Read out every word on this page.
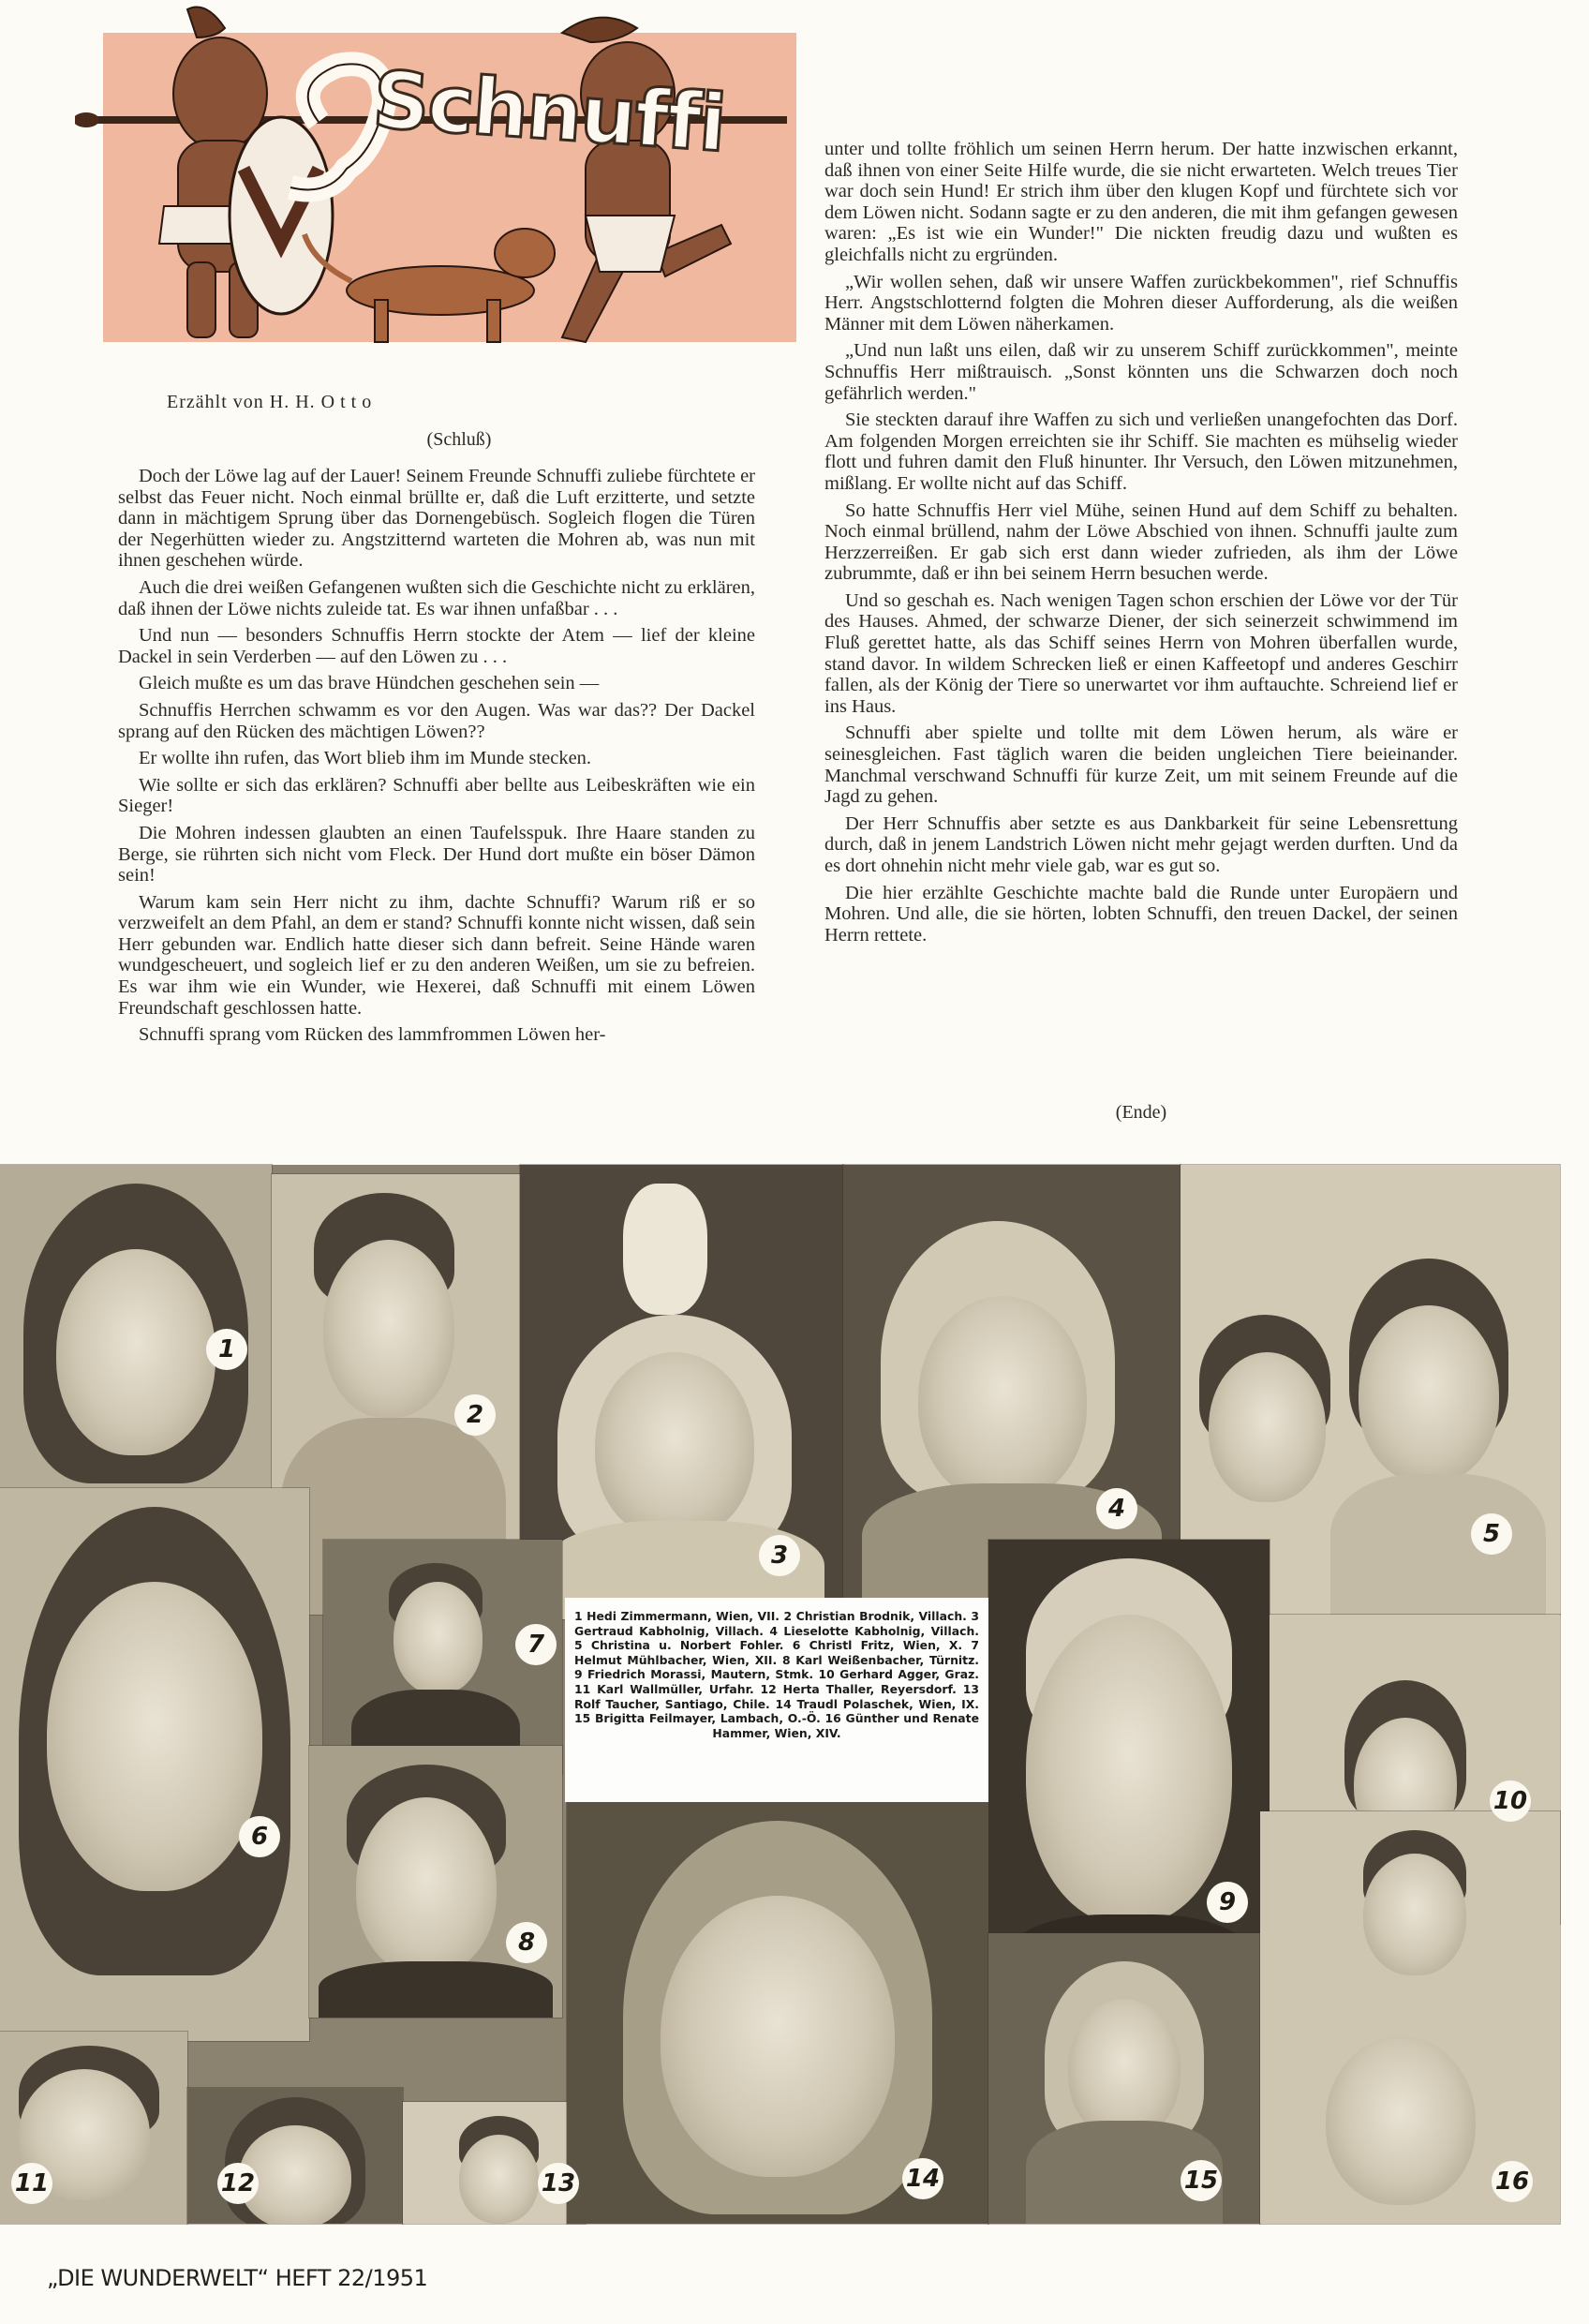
Schnuffi
Erzählt von H. H. Otto
(Schluß)

Doch der Löwe lag auf der Lauer! Seinem Freunde Schnuffi zuliebe fürchtete er selbst das Feuer nicht. Noch einmal brüllte er, daß die Luft erzitterte, und setzte dann in mächtigem Sprung über das Dornengebüsch. Sogleich flogen die Türen der Negerhütten wieder zu. Angstzitternd warteten die Mohren ab, was nun mit ihnen geschehen würde.

Auch die drei weißen Gefangenen wußten sich die Geschichte nicht zu erklären, daß ihnen der Löwe nichts zuleide tat. Es war ihnen unfaßbar . . .

Und nun — besonders Schnuffis Herrn stockte der Atem — lief der kleine Dackel in sein Verderben — auf den Löwen zu . . .

Gleich mußte es um das brave Hündchen geschehen sein —

Schnuffis Herrchen schwamm es vor den Augen. Was war das?? Der Dackel sprang auf den Rücken des mächtigen Löwen??

Er wollte ihn rufen, das Wort blieb ihm im Munde stecken.

Wie sollte er sich das erklären? Schnuffi aber bellte aus Leibeskräften wie ein Sieger!

Die Mohren indessen glaubten an einen Taufelsspuk. Ihre Haare standen zu Berge, sie rührten sich nicht vom Fleck. Der Hund dort mußte ein böser Dämon sein!

Warum kam sein Herr nicht zu ihm, dachte Schnuffi? Warum riß er so verzweifelt an dem Pfahl, an dem er stand? Schnuffi konnte nicht wissen, daß sein Herr gebunden war. Endlich hatte dieser sich dann befreit. Seine Hände waren wundgescheuert, und sogleich lief er zu den anderen Weißen, um sie zu befreien. Es war ihm wie ein Wunder, wie Hexerei, daß Schnuffi mit einem Löwen Freundschaft geschlossen hatte.

Schnuffi sprang vom Rücken des lammfrommen Löwen her-

unter und tollte fröhlich um seinen Herrn herum. Der hatte inzwischen erkannt, daß ihnen von einer Seite Hilfe wurde, die sie nicht erwarteten. Welch treues Tier war doch sein Hund! Er strich ihm über den klugen Kopf und fürchtete sich vor dem Löwen nicht. Sodann sagte er zu den anderen, die mit ihm gefangen gewesen waren: „Es ist wie ein Wunder!" Die nickten freudig dazu und wußten es gleichfalls nicht zu ergründen.

„Wir wollen sehen, daß wir unsere Waffen zurückbekommen", rief Schnuffis Herr. Angstschlotternd folgten die Mohren dieser Aufforderung, als die weißen Männer mit dem Löwen näherkamen.

„Und nun laßt uns eilen, daß wir zu unserem Schiff zurückkommen", meinte Schnuffis Herr mißtrauisch. „Sonst könnten uns die Schwarzen doch noch gefährlich werden."

Sie steckten darauf ihre Waffen zu sich und verließen unangefochten das Dorf. Am folgenden Morgen erreichten sie ihr Schiff. Sie machten es mühselig wieder flott und fuhren damit den Fluß hinunter. Ihr Versuch, den Löwen mitzunehmen, mißlang. Er wollte nicht auf das Schiff.

So hatte Schnuffis Herr viel Mühe, seinen Hund auf dem Schiff zu behalten. Noch einmal brüllend, nahm der Löwe Abschied von ihnen. Schnuffi jaulte zum Herzzerreißen. Er gab sich erst dann wieder zufrieden, als ihm der Löwe zubrummte, daß er ihn bei seinem Herrn besuchen werde.

Und so geschah es. Nach wenigen Tagen schon erschien der Löwe vor der Tür des Hauses. Ahmed, der schwarze Diener, der sich seinerzeit schwimmend im Fluß gerettet hatte, als das Schiff seines Herrn von Mohren überfallen wurde, stand davor. In wildem Schrecken ließ er einen Kaffeetopf und anderes Geschirr fallen, als der König der Tiere so unerwartet vor ihm auftauchte. Schreiend lief er ins Haus.

Schnuffi aber spielte und tollte mit dem Löwen herum, als wäre er seinesgleichen. Fast täglich waren die beiden ungleichen Tiere beieinander. Manchmal verschwand Schnuffi für kurze Zeit, um mit seinem Freunde auf die Jagd zu gehen.

Der Herr Schnuffis aber setzte es aus Dankbarkeit für seine Lebensrettung durch, daß in jenem Landstrich Löwen nicht mehr gejagt werden durften. Und da es dort ohnehin nicht mehr viele gab, war es gut so.

Die hier erzählte Geschichte machte bald die Runde unter Europäern und Mohren. Und alle, die sie hörten, lobten Schnuffi, den treuen Dackel, der seinen Herrn rettete.

(Ende)
1
2
3
4
5
6
7
8
9
10
11	12	13	14	15	16
1 Hedi Zimmermann, Wien, VII. 2 Christian Brodnik, Villach. 3 Gertraud Kabholnig, Villach. 4 Lieselotte Kabholnig, Villach. 5 Christina u. Norbert Fohler. 6 Christl Fritz, Wien, X. 7 Helmut Mühlbacher, Wien, XII. 8 Karl Weißenbacher, Türnitz. 9 Friedrich Morassi, Mautern, Stmk. 10 Gerhard Agger, Graz. 11 Karl Wallmüller, Urfahr. 12 Herta Thaller, Reyersdorf. 13 Rolf Taucher, Santiago, Chile. 14 Traudl Polaschek, Wien, IX. 15 Brigitta Feilmayer, Lambach, O.-Ö. 16 Günther und Renate Hammer, Wien, XIV.
„DIE WUNDERWELT“ HEFT 22/1951
